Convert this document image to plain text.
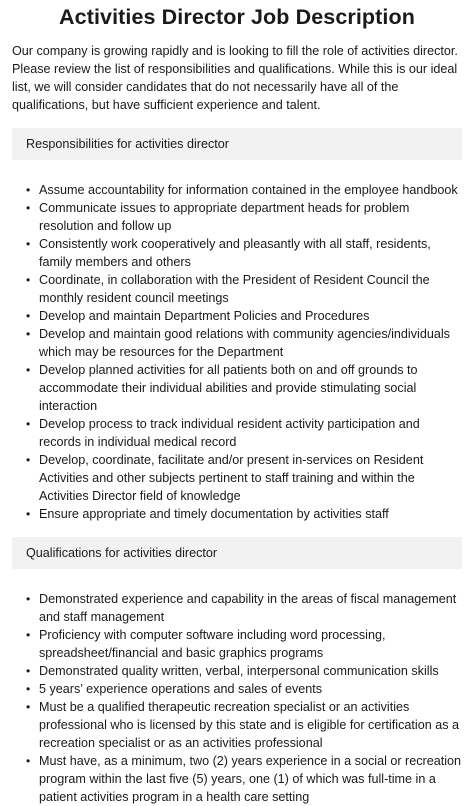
Activities Director Job Description

Our company is growing rapidly and is looking to fill the role of activities director. Please review the list of responsibilities and qualifications. While this is our ideal list, we will consider candidates that do not necessarily have all of the qualifications, but have sufficient experience and talent.

Responsibilities for activities director
• Assume accountability for information contained in the employee handbook
• Communicate issues to appropriate department heads for problem resolution and follow up
• Consistently work cooperatively and pleasantly with all staff, residents, family members and others
• Coordinate, in collaboration with the President of Resident Council the monthly resident council meetings
• Develop and maintain Department Policies and Procedures
• Develop and maintain good relations with community agencies/individuals which may be resources for the Department
• Develop planned activities for all patients both on and off grounds to accommodate their individual abilities and provide stimulating social interaction
• Develop process to track individual resident activity participation and records in individual medical record
• Develop, coordinate, facilitate and/or present in-services on Resident Activities and other subjects pertinent to staff training and within the Activities Director field of knowledge
• Ensure appropriate and timely documentation by activities staff
Qualifications for activities director
• Demonstrated experience and capability in the areas of fiscal management and staff management
• Proficiency with computer software including word processing, spreadsheet/financial and basic graphics programs
• Demonstrated quality written, verbal, interpersonal communication skills
• 5 years’ experience operations and sales of events
• Must be a qualified therapeutic recreation specialist or an activities professional who is licensed by this state and is eligible for certification as a recreation specialist or as an activities professional
• Must have, as a minimum, two (2) years experience in a social or recreation program within the last five (5) years, one (1) of which was full-time in a patient activities program in a health care setting
